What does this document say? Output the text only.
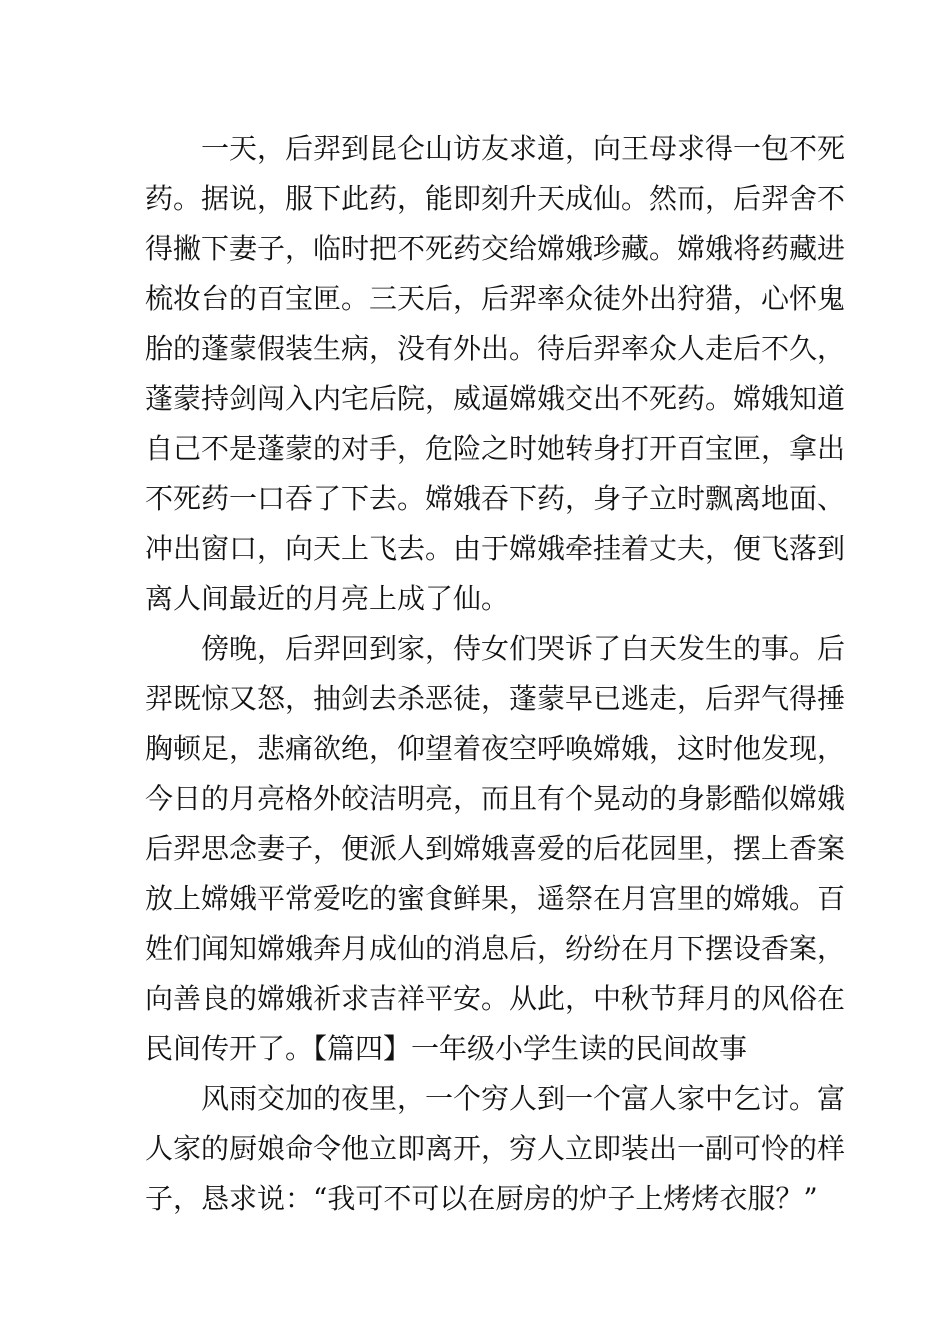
一天，后羿到昆仑山访友求道，向王母求得一包不死
药。据说，服下此药，能即刻升天成仙。然而，后羿舍不
得撇下妻子，临时把不死药交给嫦娥珍藏。嫦娥将药藏进
梳妆台的百宝匣。三天后，后羿率众徒外出狩猎，心怀鬼
胎的蓬蒙假装生病，没有外出。待后羿率众人走后不久，
蓬蒙持剑闯入内宅后院，威逼嫦娥交出不死药。嫦娥知道
自己不是蓬蒙的对手，危险之时她转身打开百宝匣，拿出
不死药一口吞了下去。嫦娥吞下药，身子立时飘离地面、
冲出窗口，向天上飞去。由于嫦娥牵挂着丈夫，便飞落到
离人间最近的月亮上成了仙。
傍晚，后羿回到家，侍女们哭诉了白天发生的事。后
羿既惊又怒，抽剑去杀恶徒，蓬蒙早已逃走，后羿气得捶
胸顿足，悲痛欲绝，仰望着夜空呼唤嫦娥，这时他发现，
今日的月亮格外皎洁明亮，而且有个晃动的身影酷似嫦娥
后羿思念妻子，便派人到嫦娥喜爱的后花园里，摆上香案
放上嫦娥平常爱吃的蜜食鲜果，遥祭在月宫里的嫦娥。百
姓们闻知嫦娥奔月成仙的消息后，纷纷在月下摆设香案，
向善良的嫦娥祈求吉祥平安。从此，中秋节拜月的风俗在
民间传开了。【篇四】一年级小学生读的民间故事
风雨交加的夜里，一个穷人到一个富人家中乞讨。富
人家的厨娘命令他立即离开，穷人立即装出一副可怜的样
子，恳求说：“我可不可以在厨房的炉子上烤烤衣服？”
